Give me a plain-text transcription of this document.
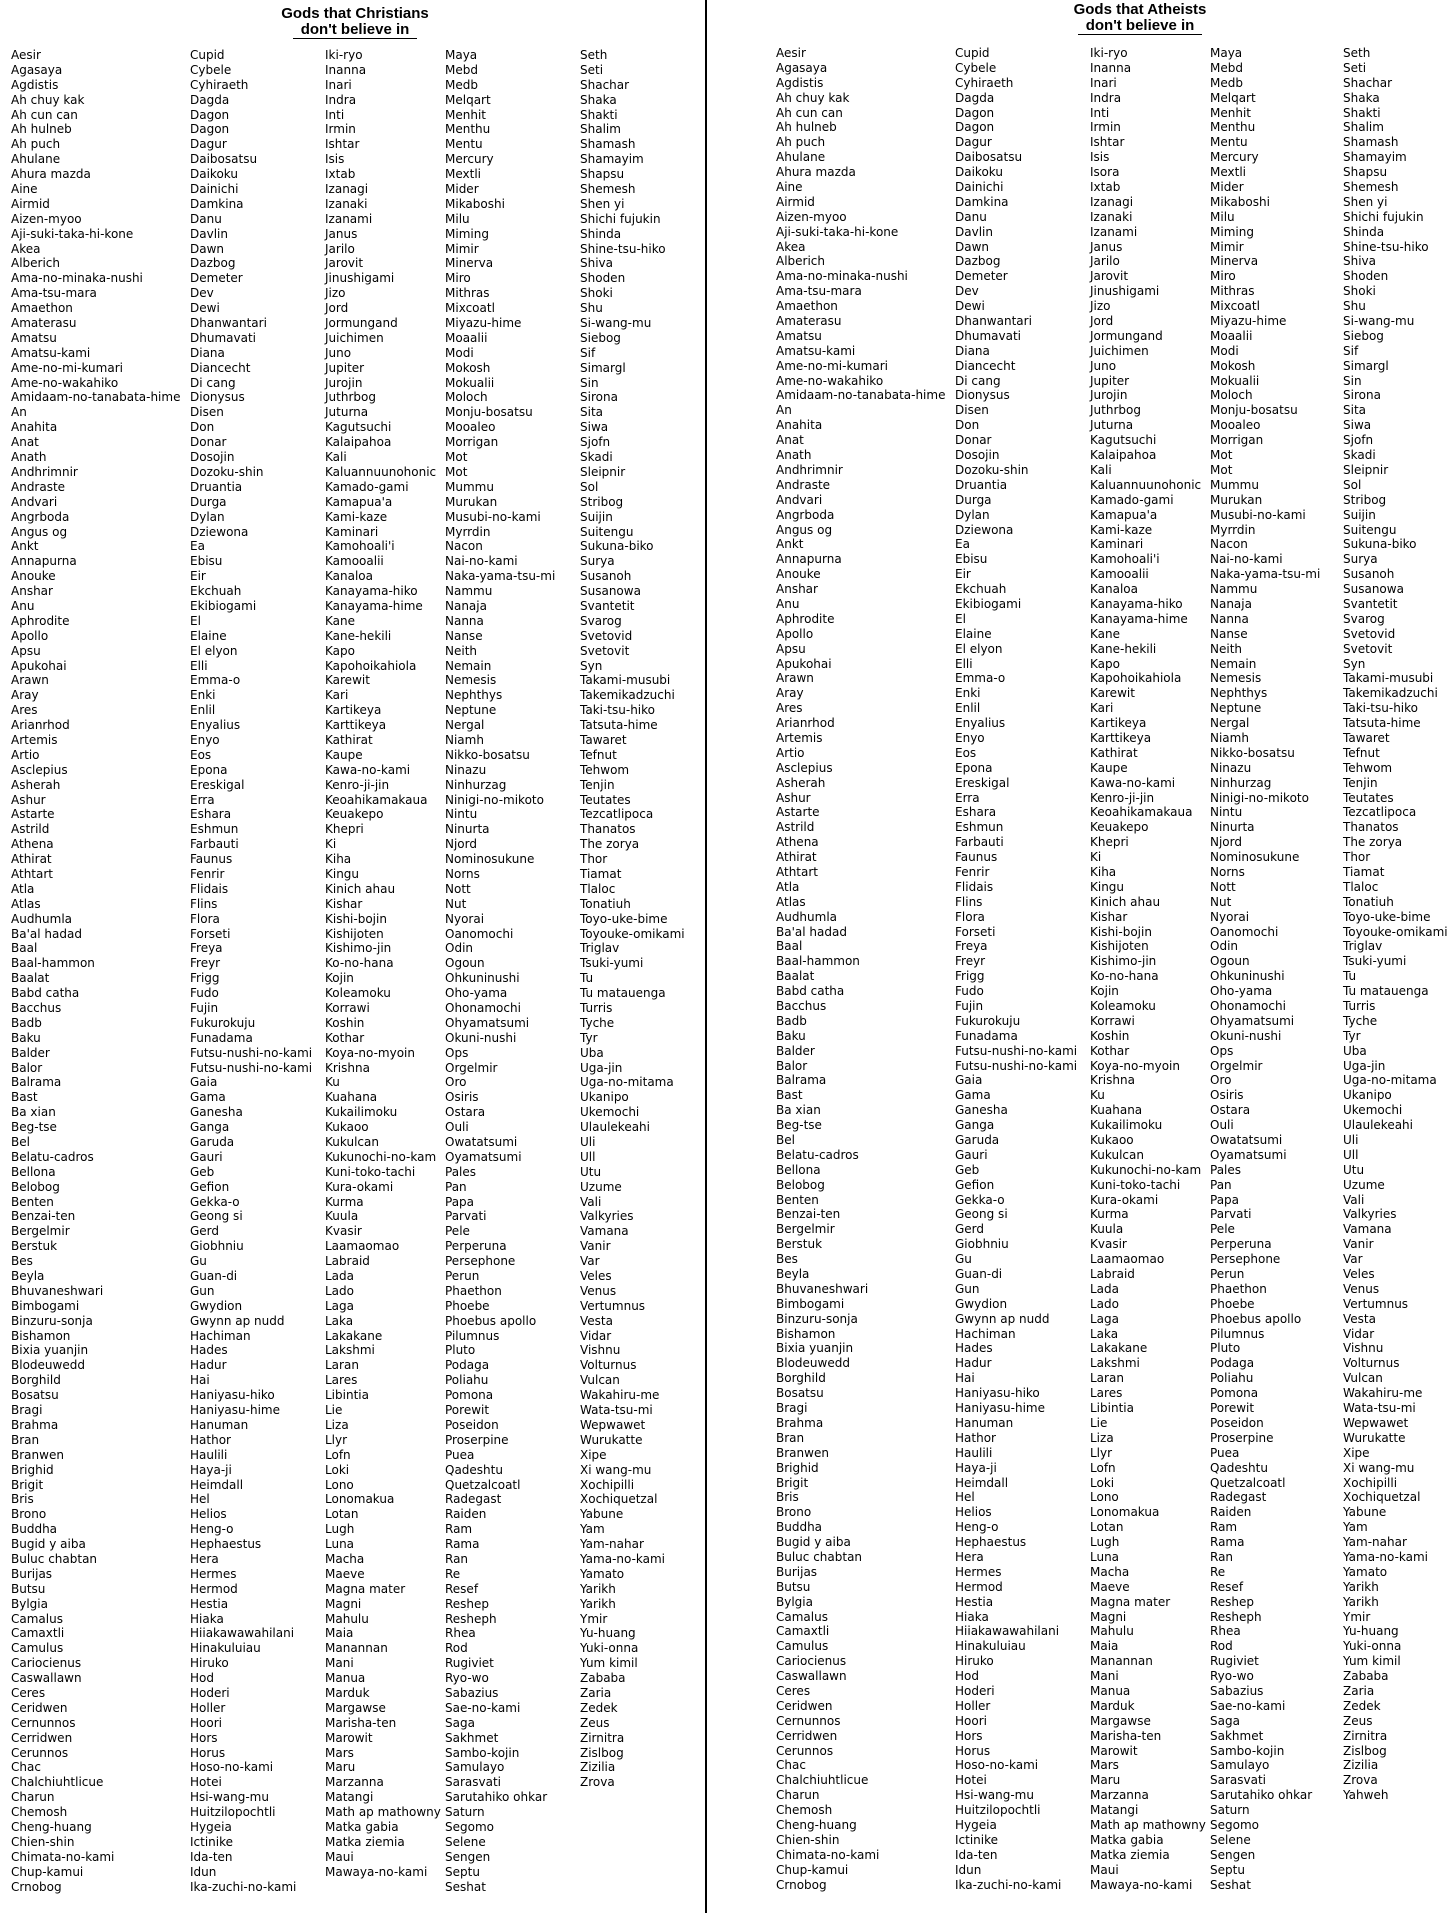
Gods that Christians
don't believe in
Aesir
Agasaya
Agdistis
Ah chuy kak
Ah cun can
Ah hulneb
Ah puch
Ahulane
Ahura mazda
Aine
Airmid
Aizen-myoo
Aji-suki-taka-hi-kone
Akea
Alberich
Ama-no-minaka-nushi
Ama-tsu-mara
Amaethon
Amaterasu
Amatsu
Amatsu-kami
Ame-no-mi-kumari
Ame-no-wakahiko
Amidaam-no-tanabata-hime
An
Anahita
Anat
Anath
Andhrimnir
Andraste
Andvari
Angrboda
Angus og
Ankt
Annapurna
Anouke
Anshar
Anu
Aphrodite
Apollo
Apsu
Apukohai
Arawn
Aray
Ares
Arianrhod
Artemis
Artio
Asclepius
Asherah
Ashur
Astarte
Astrild
Athena
Athirat
Athtart
Atla
Atlas
Audhumla
Ba'al hadad
Baal
Baal-hammon
Baalat
Babd catha
Bacchus
Badb
Baku
Balder
Balor
Balrama
Bast
Ba xian
Beg-tse
Bel
Belatu-cadros
Bellona
Belobog
Benten
Benzai-ten
Bergelmir
Berstuk
Bes
Beyla
Bhuvaneshwari
Bimbogami
Binzuru-sonja
Bishamon
Bixia yuanjin
Blodeuwedd
Borghild
Bosatsu
Bragi
Brahma
Bran
Branwen
Brighid
Brigit
Bris
Brono
Buddha
Bugid y aiba
Buluc chabtan
Burijas
Butsu
Bylgia
Camalus
Camaxtli
Camulus
Cariocienus
Caswallawn
Ceres
Ceridwen
Cernunnos
Cerridwen
Cerunnos
Chac
Chalchiuhtlicue
Charun
Chemosh
Cheng-huang
Chien-shin
Chimata-no-kami
Chup-kamui
Crnobog
Cupid
Cybele
Cyhiraeth
Dagda
Dagon
Dagon
Dagur
Daibosatsu
Daikoku
Dainichi
Damkina
Danu
Davlin
Dawn
Dazbog
Demeter
Dev
Dewi
Dhanwantari
Dhumavati
Diana
Diancecht
Di cang
Dionysus
Disen
Don
Donar
Dosojin
Dozoku-shin
Druantia
Durga
Dylan
Dziewona
Ea
Ebisu
Eir
Ekchuah
Ekibiogami
El
Elaine
El elyon
Elli
Emma-o
Enki
Enlil
Enyalius
Enyo
Eos
Epona
Ereskigal
Erra
Eshara
Eshmun
Farbauti
Faunus
Fenrir
Flidais
Flins
Flora
Forseti
Freya
Freyr
Frigg
Fudo
Fujin
Fukurokuju
Funadama
Futsu-nushi-no-kami
Futsu-nushi-no-kami
Gaia
Gama
Ganesha
Ganga
Garuda
Gauri
Geb
Gefion
Gekka-o
Geong si
Gerd
Giobhniu
Gu
Guan-di
Gun
Gwydion
Gwynn ap nudd
Hachiman
Hades
Hadur
Hai
Haniyasu-hiko
Haniyasu-hime
Hanuman
Hathor
Haulili
Haya-ji
Heimdall
Hel
Helios
Heng-o
Hephaestus
Hera
Hermes
Hermod
Hestia
Hiaka
Hiiakawawahilani
Hinakuluiau
Hiruko
Hod
Hoderi
Holler
Hoori
Hors
Horus
Hoso-no-kami
Hotei
Hsi-wang-mu
Huitzilopochtli
Hygeia
Ictinike
Ida-ten
Idun
Ika-zuchi-no-kami
Iki-ryo
Inanna
Inari
Indra
Inti
Irmin
Ishtar
Isis
Ixtab
Izanagi
Izanaki
Izanami
Janus
Jarilo
Jarovit
Jinushigami
Jizo
Jord
Jormungand
Juichimen
Juno
Jupiter
Jurojin
Juthrbog
Juturna
Kagutsuchi
Kalaipahoa
Kali
Kaluannuunohonic
Kamado-gami
Kamapua'a
Kami-kaze
Kaminari
Kamohoali'i
Kamooalii
Kanaloa
Kanayama-hiko
Kanayama-hime
Kane
Kane-hekili
Kapo
Kapohoikahiola
Karewit
Kari
Kartikeya
Karttikeya
Kathirat
Kaupe
Kawa-no-kami
Kenro-ji-jin
Keoahikamakaua
Keuakepo
Khepri
Ki
Kiha
Kingu
Kinich ahau
Kishar
Kishi-bojin
Kishijoten
Kishimo-jin
Ko-no-hana
Kojin
Koleamoku
Korrawi
Koshin
Kothar
Koya-no-myoin
Krishna
Ku
Kuahana
Kukailimoku
Kukaoo
Kukulcan
Kukunochi-no-kam
Kuni-toko-tachi
Kura-okami
Kurma
Kuula
Kvasir
Laamaomao
Labraid
Lada
Lado
Laga
Laka
Lakakane
Lakshmi
Laran
Lares
Libintia
Lie
Liza
Llyr
Lofn
Loki
Lono
Lonomakua
Lotan
Lugh
Luna
Macha
Maeve
Magna mater
Magni
Mahulu
Maia
Manannan
Mani
Manua
Marduk
Margawse
Marisha-ten
Marowit
Mars
Maru
Marzanna
Matangi
Math ap mathowny
Matka gabia
Matka ziemia
Maui
Mawaya-no-kami
Maya
Mebd
Medb
Melqart
Menhit
Menthu
Mentu
Mercury
Mextli
Mider
Mikaboshi
Milu
Miming
Mimir
Minerva
Miro
Mithras
Mixcoatl
Miyazu-hime
Moaalii
Modi
Mokosh
Mokualii
Moloch
Monju-bosatsu
Mooaleo
Morrigan
Mot
Mot
Mummu
Murukan
Musubi-no-kami
Myrrdin
Nacon
Nai-no-kami
Naka-yama-tsu-mi
Nammu
Nanaja
Nanna
Nanse
Neith
Nemain
Nemesis
Nephthys
Neptune
Nergal
Niamh
Nikko-bosatsu
Ninazu
Ninhurzag
Ninigi-no-mikoto
Nintu
Ninurta
Njord
Nominosukune
Norns
Nott
Nut
Nyorai
Oanomochi
Odin
Ogoun
Ohkuninushi
Oho-yama
Ohonamochi
Ohyamatsumi
Okuni-nushi
Ops
Orgelmir
Oro
Osiris
Ostara
Ouli
Owatatsumi
Oyamatsumi
Pales
Pan
Papa
Parvati
Pele
Perperuna
Persephone
Perun
Phaethon
Phoebe
Phoebus apollo
Pilumnus
Pluto
Podaga
Poliahu
Pomona
Porewit
Poseidon
Proserpine
Puea
Qadeshtu
Quetzalcoatl
Radegast
Raiden
Ram
Rama
Ran
Re
Resef
Reshep
Resheph
Rhea
Rod
Rugiviet
Ryo-wo
Sabazius
Sae-no-kami
Saga
Sakhmet
Sambo-kojin
Samulayo
Sarasvati
Sarutahiko ohkar
Saturn
Segomo
Selene
Sengen
Septu
Seshat
Seth
Seti
Shachar
Shaka
Shakti
Shalim
Shamash
Shamayim
Shapsu
Shemesh
Shen yi
Shichi fujukin
Shinda
Shine-tsu-hiko
Shiva
Shoden
Shoki
Shu
Si-wang-mu
Siebog
Sif
Simargl
Sin
Sirona
Sita
Siwa
Sjofn
Skadi
Sleipnir
Sol
Stribog
Suijin
Suitengu
Sukuna-biko
Surya
Susanoh
Susanowa
Svantetit
Svarog
Svetovid
Svetovit
Syn
Takami-musubi
Takemikadzuchi
Taki-tsu-hiko
Tatsuta-hime
Tawaret
Tefnut
Tehwom
Tenjin
Teutates
Tezcatlipoca
Thanatos
The zorya
Thor
Tiamat
Tlaloc
Tonatiuh
Toyo-uke-bime
Toyouke-omikami
Triglav
Tsuki-yumi
Tu
Tu matauenga
Turris
Tyche
Tyr
Uba
Uga-jin
Uga-no-mitama
Ukanipo
Ukemochi
Ulaulekeahi
Uli
Ull
Utu
Uzume
Vali
Valkyries
Vamana
Vanir
Var
Veles
Venus
Vertumnus
Vesta
Vidar
Vishnu
Volturnus
Vulcan
Wakahiru-me
Wata-tsu-mi
Wepwawet
Wurukatte
Xipe
Xi wang-mu
Xochipilli
Xochiquetzal
Yabune
Yam
Yam-nahar
Yama-no-kami
Yamato
Yarikh
Yarikh
Ymir
Yu-huang
Yuki-onna
Yum kimil
Zababa
Zaria
Zedek
Zeus
Zirnitra
Zislbog
Zizilia
Zrova
Gods that Atheists
don't believe in
Aesir
Agasaya
Agdistis
Ah chuy kak
Ah cun can
Ah hulneb
Ah puch
Ahulane
Ahura mazda
Aine
Airmid
Aizen-myoo
Aji-suki-taka-hi-kone
Akea
Alberich
Ama-no-minaka-nushi
Ama-tsu-mara
Amaethon
Amaterasu
Amatsu
Amatsu-kami
Ame-no-mi-kumari
Ame-no-wakahiko
Amidaam-no-tanabata-hime
An
Anahita
Anat
Anath
Andhrimnir
Andraste
Andvari
Angrboda
Angus og
Ankt
Annapurna
Anouke
Anshar
Anu
Aphrodite
Apollo
Apsu
Apukohai
Arawn
Aray
Ares
Arianrhod
Artemis
Artio
Asclepius
Asherah
Ashur
Astarte
Astrild
Athena
Athirat
Athtart
Atla
Atlas
Audhumla
Ba'al hadad
Baal
Baal-hammon
Baalat
Babd catha
Bacchus
Badb
Baku
Balder
Balor
Balrama
Bast
Ba xian
Beg-tse
Bel
Belatu-cadros
Bellona
Belobog
Benten
Benzai-ten
Bergelmir
Berstuk
Bes
Beyla
Bhuvaneshwari
Bimbogami
Binzuru-sonja
Bishamon
Bixia yuanjin
Blodeuwedd
Borghild
Bosatsu
Bragi
Brahma
Bran
Branwen
Brighid
Brigit
Bris
Brono
Buddha
Bugid y aiba
Buluc chabtan
Burijas
Butsu
Bylgia
Camalus
Camaxtli
Camulus
Cariocienus
Caswallawn
Ceres
Ceridwen
Cernunnos
Cerridwen
Cerunnos
Chac
Chalchiuhtlicue
Charun
Chemosh
Cheng-huang
Chien-shin
Chimata-no-kami
Chup-kamui
Crnobog
Cupid
Cybele
Cyhiraeth
Dagda
Dagon
Dagon
Dagur
Daibosatsu
Daikoku
Dainichi
Damkina
Danu
Davlin
Dawn
Dazbog
Demeter
Dev
Dewi
Dhanwantari
Dhumavati
Diana
Diancecht
Di cang
Dionysus
Disen
Don
Donar
Dosojin
Dozoku-shin
Druantia
Durga
Dylan
Dziewona
Ea
Ebisu
Eir
Ekchuah
Ekibiogami
El
Elaine
El elyon
Elli
Emma-o
Enki
Enlil
Enyalius
Enyo
Eos
Epona
Ereskigal
Erra
Eshara
Eshmun
Farbauti
Faunus
Fenrir
Flidais
Flins
Flora
Forseti
Freya
Freyr
Frigg
Fudo
Fujin
Fukurokuju
Funadama
Futsu-nushi-no-kami
Futsu-nushi-no-kami
Gaia
Gama
Ganesha
Ganga
Garuda
Gauri
Geb
Gefion
Gekka-o
Geong si
Gerd
Giobhniu
Gu
Guan-di
Gun
Gwydion
Gwynn ap nudd
Hachiman
Hades
Hadur
Hai
Haniyasu-hiko
Haniyasu-hime
Hanuman
Hathor
Haulili
Haya-ji
Heimdall
Hel
Helios
Heng-o
Hephaestus
Hera
Hermes
Hermod
Hestia
Hiaka
Hiiakawawahilani
Hinakuluiau
Hiruko
Hod
Hoderi
Holler
Hoori
Hors
Horus
Hoso-no-kami
Hotei
Hsi-wang-mu
Huitzilopochtli
Hygeia
Ictinike
Ida-ten
Idun
Ika-zuchi-no-kami
Iki-ryo
Inanna
Inari
Indra
Inti
Irmin
Ishtar
Isis
Isora
Ixtab
Izanagi
Izanaki
Izanami
Janus
Jarilo
Jarovit
Jinushigami
Jizo
Jord
Jormungand
Juichimen
Juno
Jupiter
Jurojin
Juthrbog
Juturna
Kagutsuchi
Kalaipahoa
Kali
Kaluannuunohonic
Kamado-gami
Kamapua'a
Kami-kaze
Kaminari
Kamohoali'i
Kamooalii
Kanaloa
Kanayama-hiko
Kanayama-hime
Kane
Kane-hekili
Kapo
Kapohoikahiola
Karewit
Kari
Kartikeya
Karttikeya
Kathirat
Kaupe
Kawa-no-kami
Kenro-ji-jin
Keoahikamakaua
Keuakepo
Khepri
Ki
Kiha
Kingu
Kinich ahau
Kishar
Kishi-bojin
Kishijoten
Kishimo-jin
Ko-no-hana
Kojin
Koleamoku
Korrawi
Koshin
Kothar
Koya-no-myoin
Krishna
Ku
Kuahana
Kukailimoku
Kukaoo
Kukulcan
Kukunochi-no-kam
Kuni-toko-tachi
Kura-okami
Kurma
Kuula
Kvasir
Laamaomao
Labraid
Lada
Lado
Laga
Laka
Lakakane
Lakshmi
Laran
Lares
Libintia
Lie
Liza
Llyr
Lofn
Loki
Lono
Lonomakua
Lotan
Lugh
Luna
Macha
Maeve
Magna mater
Magni
Mahulu
Maia
Manannan
Mani
Manua
Marduk
Margawse
Marisha-ten
Marowit
Mars
Maru
Marzanna
Matangi
Math ap mathowny
Matka gabia
Matka ziemia
Maui
Mawaya-no-kami
Maya
Mebd
Medb
Melqart
Menhit
Menthu
Mentu
Mercury
Mextli
Mider
Mikaboshi
Milu
Miming
Mimir
Minerva
Miro
Mithras
Mixcoatl
Miyazu-hime
Moaalii
Modi
Mokosh
Mokualii
Moloch
Monju-bosatsu
Mooaleo
Morrigan
Mot
Mot
Mummu
Murukan
Musubi-no-kami
Myrrdin
Nacon
Nai-no-kami
Naka-yama-tsu-mi
Nammu
Nanaja
Nanna
Nanse
Neith
Nemain
Nemesis
Nephthys
Neptune
Nergal
Niamh
Nikko-bosatsu
Ninazu
Ninhurzag
Ninigi-no-mikoto
Nintu
Ninurta
Njord
Nominosukune
Norns
Nott
Nut
Nyorai
Oanomochi
Odin
Ogoun
Ohkuninushi
Oho-yama
Ohonamochi
Ohyamatsumi
Okuni-nushi
Ops
Orgelmir
Oro
Osiris
Ostara
Ouli
Owatatsumi
Oyamatsumi
Pales
Pan
Papa
Parvati
Pele
Perperuna
Persephone
Perun
Phaethon
Phoebe
Phoebus apollo
Pilumnus
Pluto
Podaga
Poliahu
Pomona
Porewit
Poseidon
Proserpine
Puea
Qadeshtu
Quetzalcoatl
Radegast
Raiden
Ram
Rama
Ran
Re
Resef
Reshep
Resheph
Rhea
Rod
Rugiviet
Ryo-wo
Sabazius
Sae-no-kami
Saga
Sakhmet
Sambo-kojin
Samulayo
Sarasvati
Sarutahiko ohkar
Saturn
Segomo
Selene
Sengen
Septu
Seshat
Seth
Seti
Shachar
Shaka
Shakti
Shalim
Shamash
Shamayim
Shapsu
Shemesh
Shen yi
Shichi fujukin
Shinda
Shine-tsu-hiko
Shiva
Shoden
Shoki
Shu
Si-wang-mu
Siebog
Sif
Simargl
Sin
Sirona
Sita
Siwa
Sjofn
Skadi
Sleipnir
Sol
Stribog
Suijin
Suitengu
Sukuna-biko
Surya
Susanoh
Susanowa
Svantetit
Svarog
Svetovid
Svetovit
Syn
Takami-musubi
Takemikadzuchi
Taki-tsu-hiko
Tatsuta-hime
Tawaret
Tefnut
Tehwom
Tenjin
Teutates
Tezcatlipoca
Thanatos
The zorya
Thor
Tiamat
Tlaloc
Tonatiuh
Toyo-uke-bime
Toyouke-omikami
Triglav
Tsuki-yumi
Tu
Tu matauenga
Turris
Tyche
Tyr
Uba
Uga-jin
Uga-no-mitama
Ukanipo
Ukemochi
Ulaulekeahi
Uli
Ull
Utu
Uzume
Vali
Valkyries
Vamana
Vanir
Var
Veles
Venus
Vertumnus
Vesta
Vidar
Vishnu
Volturnus
Vulcan
Wakahiru-me
Wata-tsu-mi
Wepwawet
Wurukatte
Xipe
Xi wang-mu
Xochipilli
Xochiquetzal
Yabune
Yam
Yam-nahar
Yama-no-kami
Yamato
Yarikh
Yarikh
Ymir
Yu-huang
Yuki-onna
Yum kimil
Zababa
Zaria
Zedek
Zeus
Zirnitra
Zislbog
Zizilia
Zrova
Yahweh
